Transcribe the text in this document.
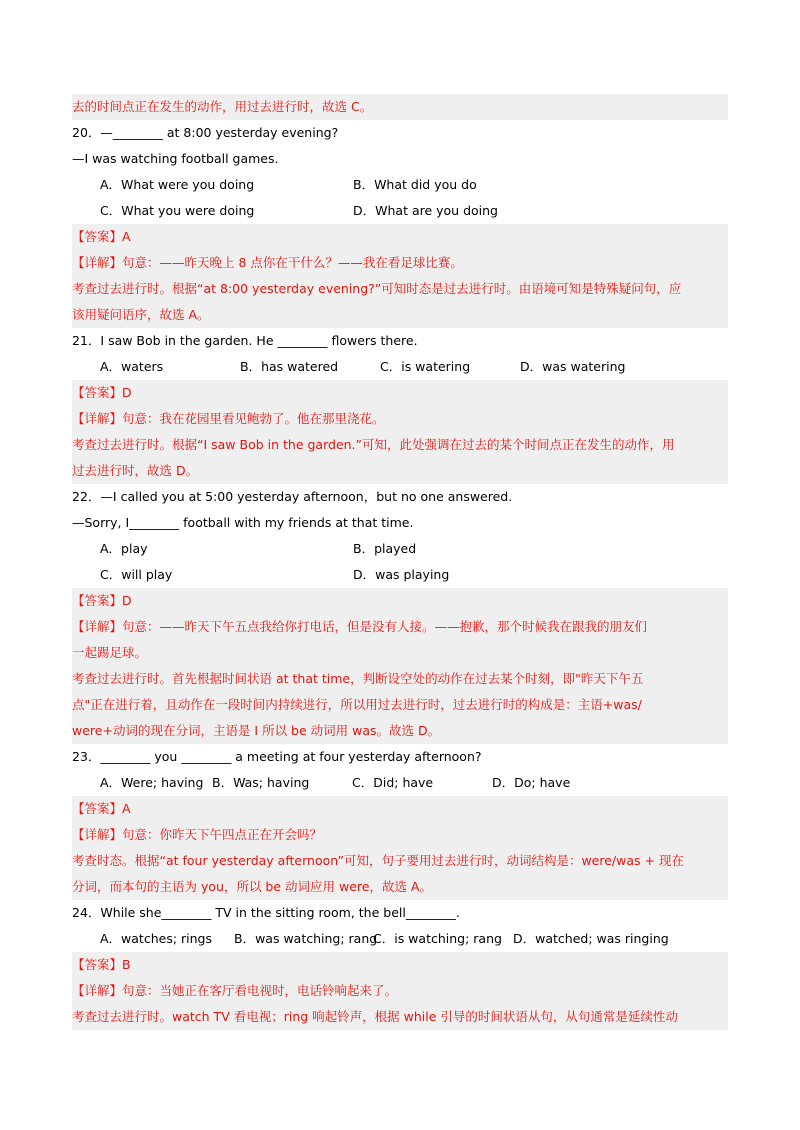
去的时间点正在发生的动作，用过去进行时，故选 C。
20．—________ at 8:00 yesterday evening?
—I was watching football games.
A．What were you doing	B．What did you do
C．What you were doing	D．What are you doing
【答案】A
【详解】句意：——昨天晚上 8 点你在干什么？——我在看足球比赛。
考查过去进行时。根据“at 8:00 yesterday evening?”可知时态是过去进行时。由语境可知是特殊疑问句，应
该用疑问语序，故选 A。
21．I saw Bob in the garden. He ________ flowers there.
A．waters	B．has watered	C．is watering	D．was watering
【答案】D
【详解】句意：我在花园里看见鲍勃了。他在那里浇花。
考查过去进行时。根据“I saw Bob in the garden.”可知，此处强调在过去的某个时间点正在发生的动作，用
过去进行时，故选 D。
22．—I called you at 5:00 yesterday afternoon，but no one answered.
—Sorry, I________ football with my friends at that time.
A．play	B．played
C．will play	D．was playing
【答案】D
【详解】句意：——昨天下午五点我给你打电话，但是没有人接。——抱歉，那个时候我在跟我的朋友们
一起踢足球。
考查过去进行时。首先根据时间状语 at that time，判断设空处的动作在过去某个时刻，即"昨天下午五
点"正在进行着，且动作在一段时间内持续进行，所以用过去进行时，过去进行时的构成是：主语+was/
were+动词的现在分词，主语是 I 所以 be 动词用 was。故选 D。
23．________ you ________ a meeting at four yesterday afternoon?
A．Were; having B．Was; having	C．Did; have	D．Do; have
【答案】A
【详解】句意：你昨天下午四点正在开会吗？
考查时态。根据“at four yesterday afternoon”可知，句子要用过去进行时，动词结构是：were/was + 现在
分词，而本句的主语为 you，所以 be 动词应用 were，故选 A。
24．While she________ TV in the sitting room, the bell________.
A．watches; rings	B．was watching; rang
C．is watching; rang D．watched; was ringing
【答案】B
【详解】句意：当她正在客厅看电视时，电话铃响起来了。
考查过去进行时。watch TV 看电视；ring 响起铃声，根据 while 引导的时间状语从句，从句通常是延续性动
